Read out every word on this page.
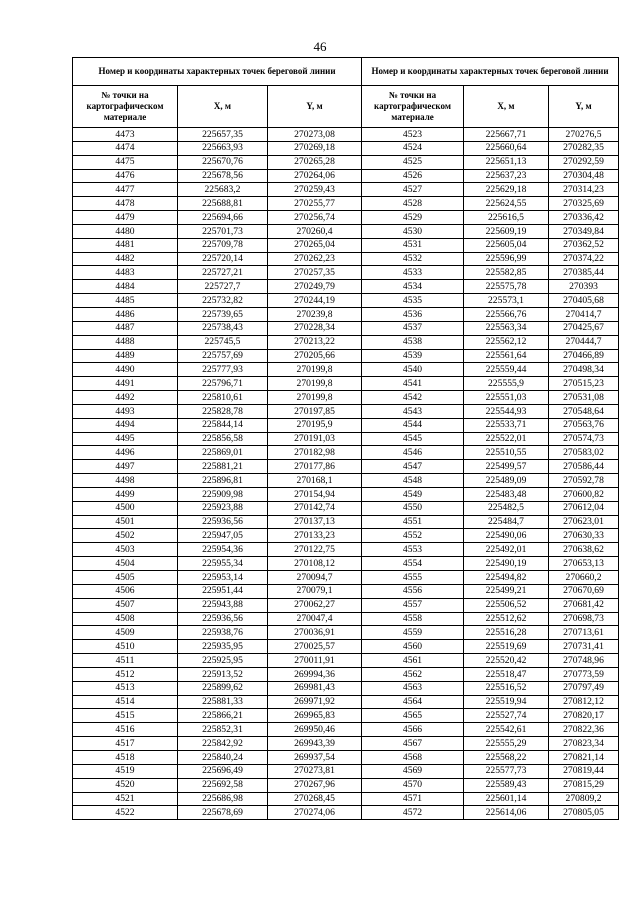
46
Номер и координаты характерных точек береговой линии		
№ точки на картографическом материале	X, м	Y, м
4473	225657,35	270273,08
4474	225663,93	270269,18
4475	225670,76	270265,28
4476	225678,56	270264,06
4477	225683,2	270259,43
4478	225688,81	270255,77
4479	225694,66	270256,74
4480	225701,73	270260,4
4481	225709,78	270265,04
4482	225720,14	270262,23
4483	225727,21	270257,35
4484	225727,7	270249,79
4485	225732,82	270244,19
4486	225739,65	270239,8
4487	225738,43	270228,34
4488	225745,5	270213,22
4489	225757,69	270205,66
4490	225777,93	270199,8
4491	225796,71	270199,8
4492	225810,61	270199,8
4493	225828,78	270197,85
4494	225844,14	270195,9
4495	225856,58	270191,03
4496	225869,01	270182,98
4497	225881,21	270177,86
4498	225896,81	270168,1
4499	225909,98	270154,94
4500	225923,88	270142,74
4501	225936,56	270137,13
4502	225947,05	270133,23
4503	225954,36	270122,75
4504	225955,34	270108,12
4505	225953,14	270094,7
4506	225951,44	270079,1
4507	225943,88	270062,27
4508	225936,56	270047,4
4509	225938,76	270036,91
4510	225935,95	270025,57
4511	225925,95	270011,91
4512	225913,52	269994,36
4513	225899,62	269981,43
4514	225881,33	269971,92
4515	225866,21	269965,83
4516	225852,31	269950,46
4517	225842,92	269943,39
4518	225840,24	269937,54
4519	225696,49	270273,81
4520	225692,58	270267,96
4521	225686,98	270268,45
4522	225678,69	270274,06
Номер и координаты характерных точек береговой линии		
№ точки на картографическом материале	X, м	Y, м
4523	225667,71	270276,5
4524	225660,64	270282,35
4525	225651,13	270292,59
4526	225637,23	270304,48
4527	225629,18	270314,23
4528	225624,55	270325,69
4529	225616,5	270336,42
4530	225609,19	270349,84
4531	225605,04	270362,52
4532	225596,99	270374,22
4533	225582,85	270385,44
4534	225575,78	270393
4535	225573,1	270405,68
4536	225566,76	270414,7
4537	225563,34	270425,67
4538	225562,12	270444,7
4539	225561,64	270466,89
4540	225559,44	270498,34
4541	225555,9	270515,23
4542	225551,03	270531,08
4543	225544,93	270548,64
4544	225533,71	270563,76
4545	225522,01	270574,73
4546	225510,55	270583,02
4547	225499,57	270586,44
4548	225489,09	270592,78
4549	225483,48	270600,82
4550	225482,5	270612,04
4551	225484,7	270623,01
4552	225490,06	270630,33
4553	225492,01	270638,62
4554	225490,19	270653,13
4555	225494,82	270660,2
4556	225499,21	270670,69
4557	225506,52	270681,42
4558	225512,62	270698,73
4559	225516,28	270713,61
4560	225519,69	270731,41
4561	225520,42	270748,96
4562	225518,47	270773,59
4563	225516,52	270797,49
4564	225519,94	270812,12
4565	225527,74	270820,17
4566	225542,61	270822,36
4567	225555,29	270823,34
4568	225568,22	270821,14
4569	225577,73	270819,44
4570	225589,43	270815,29
4571	225601,14	270809,2
4572	225614,06	270805,05
